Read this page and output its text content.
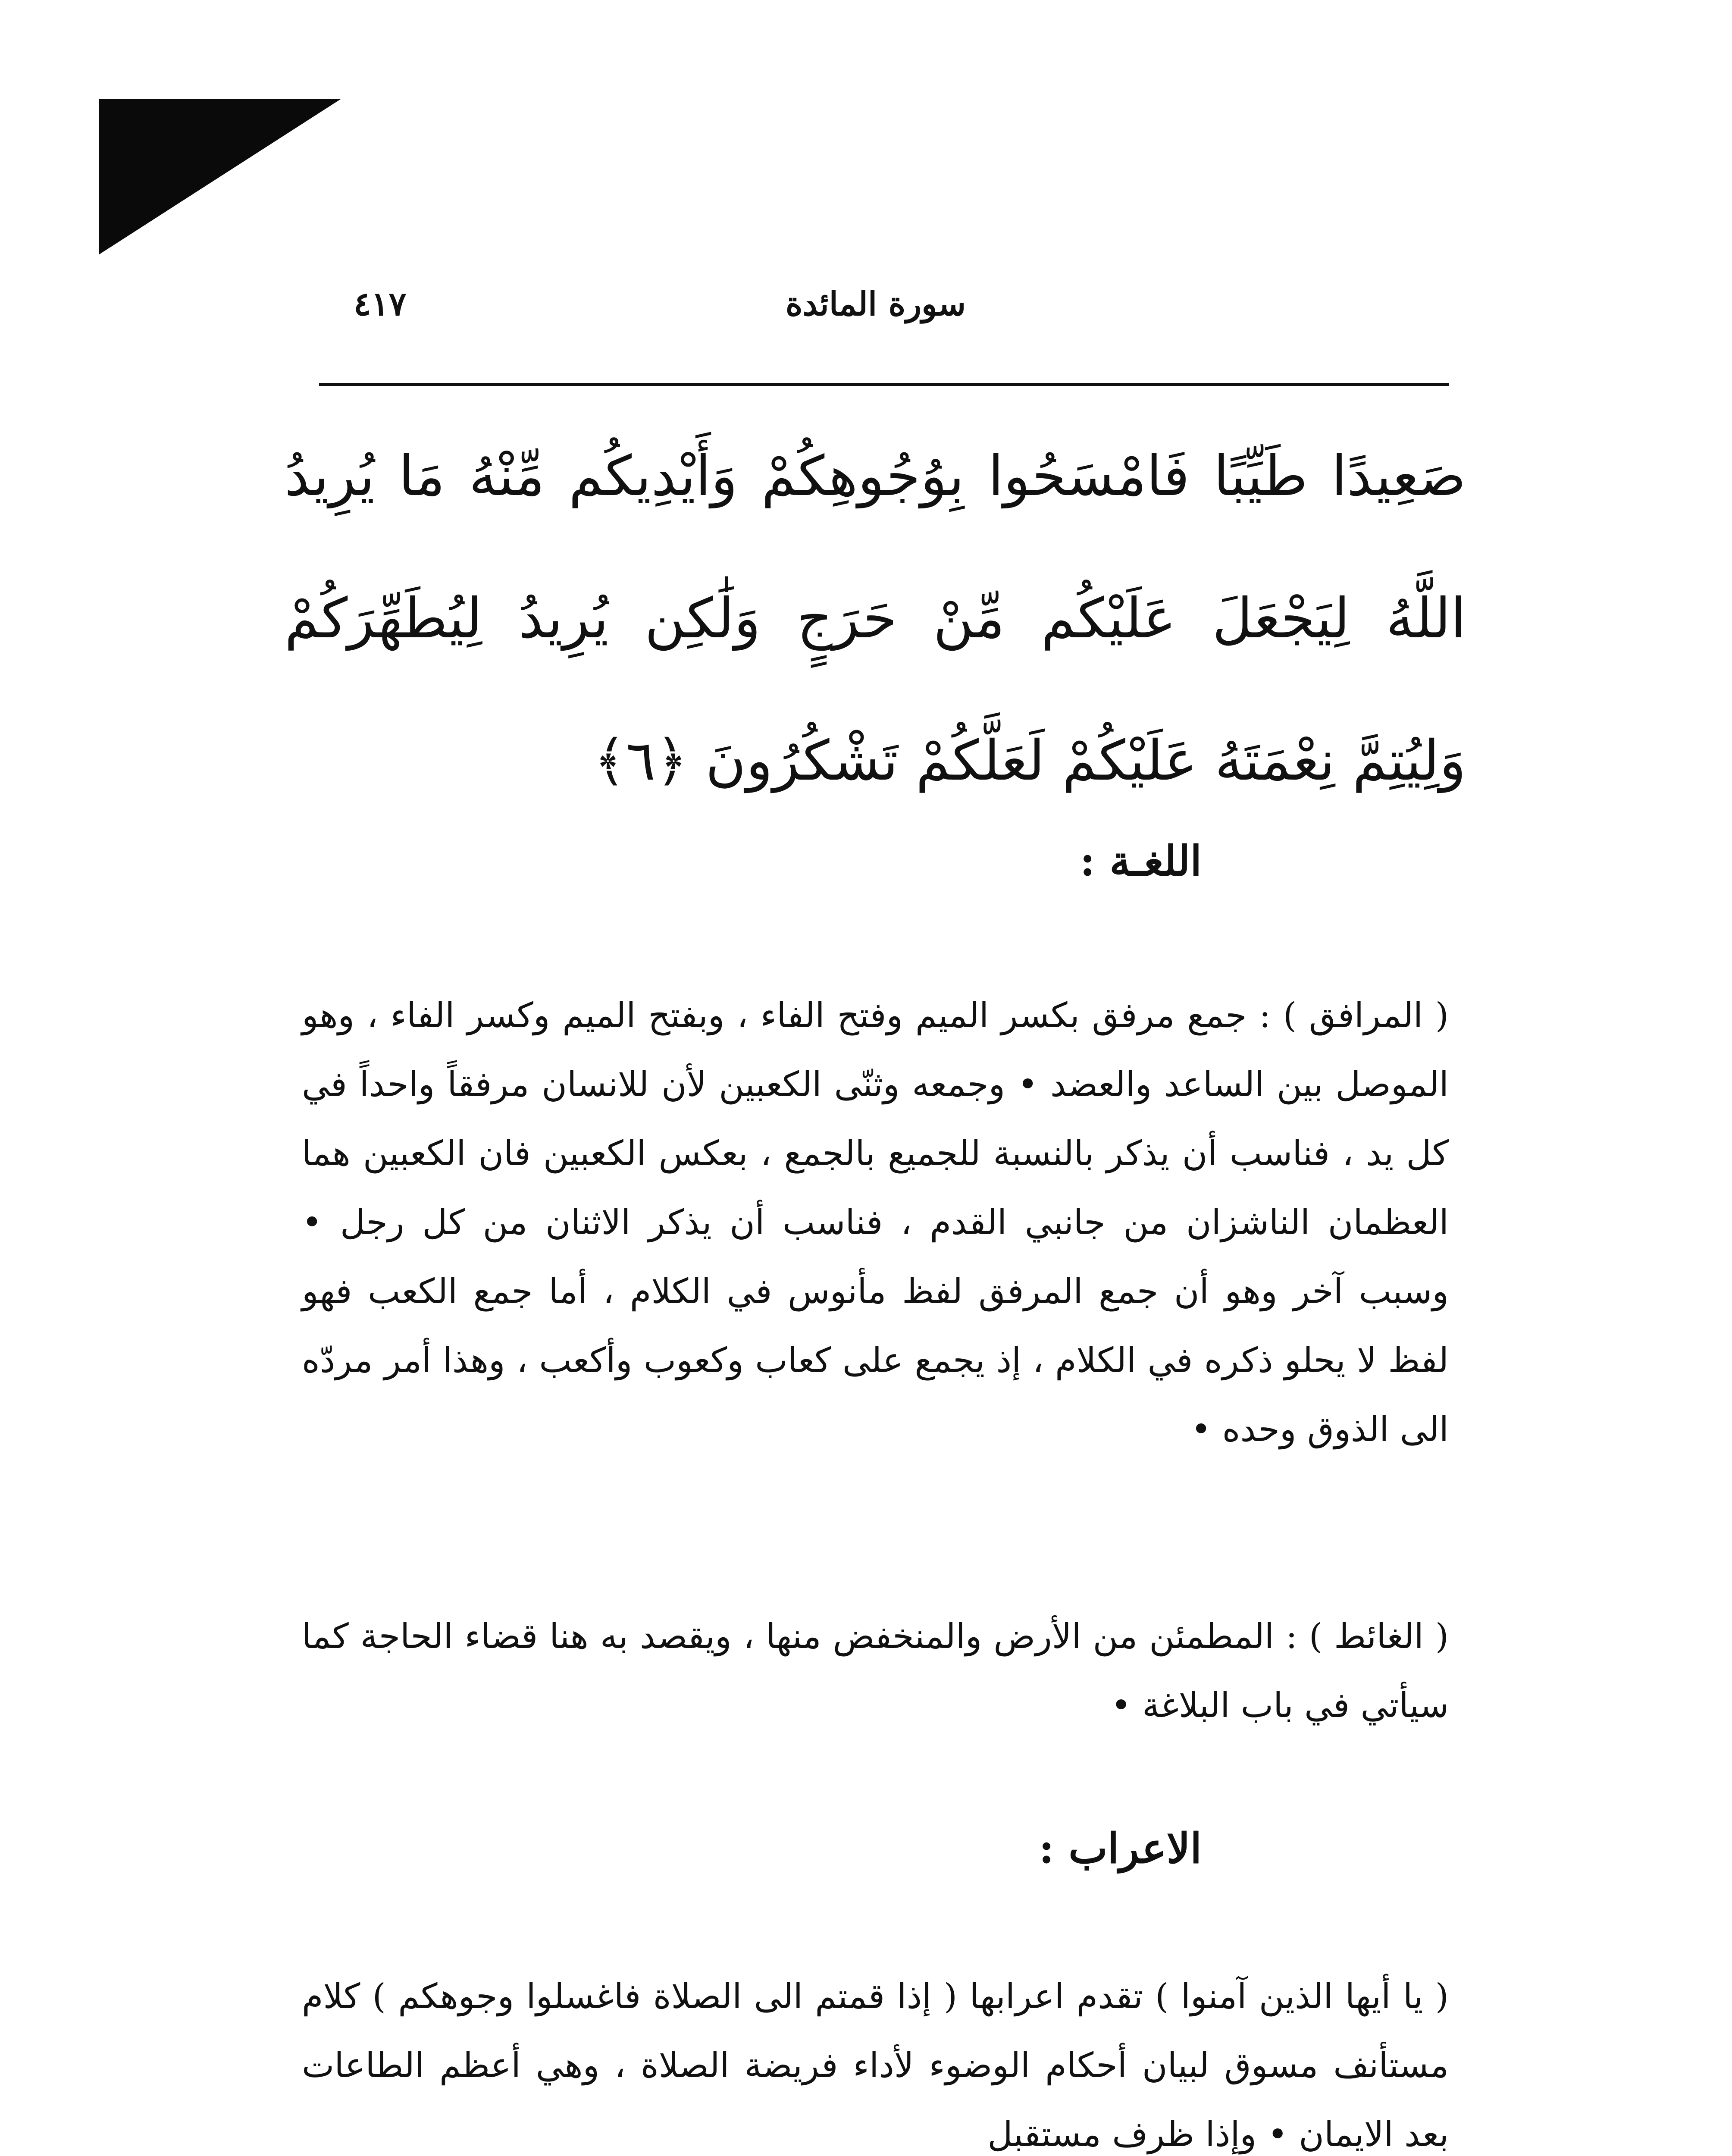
سورة المائدة
٤١٧
صَعِيدًا طَيِّبًا فَامْسَحُوا بِوُجُوهِكُمْ وَأَيْدِيكُم مِّنْهُ مَا يُرِيدُ اللَّهُ لِيَجْعَلَ عَلَيْكُم مِّنْ حَرَجٍ وَلَٰكِن يُرِيدُ لِيُطَهِّرَكُمْ وَلِيُتِمَّ نِعْمَتَهُ عَلَيْكُمْ لَعَلَّكُمْ تَشْكُرُونَ ﴿٦﴾
اللغـة :
( المرافق ) : جمع مرفق بكسر الميم وفتح الفاء ، وبفتح الميم وكسر الفاء ، وهو الموصل بين الساعد والعضد • وجمعه وثنّى الكعبين لأن للانسان مرفقاً واحداً في كل يد ، فناسب أن يذكر بالنسبة للجميع بالجمع ، بعكس الكعبين فان الكعبين هما العظمان الناشزان من جانبي القدم ، فناسب أن يذكر الاثنان من كل رجل • وسبب آخر وهو أن جمع المرفق لفظ مأنوس في الكلام ، أما جمع الكعب فهو لفظ لا يحلو ذكره في الكلام ، إذ يجمع على كعاب وكعوب وأكعب ، وهذا أمر مردّه الى الذوق وحده •
( الغائط ) : المطمئن من الأرض والمنخفض منها ، ويقصد به هنا قضاء الحاجة كما سيأتي في باب البلاغة •
الاعراب :
( يا أيها الذين آمنوا ) تقدم اعرابها ( إذا قمتم الى الصلاة فاغسلوا وجوهكم ) كلام مستأنف مسوق لبيان أحكام الوضوء لأداء فريضة الصلاة ، وهي أعظم الطاعات بعد الايمان • وإذا ظرف مستقبل
